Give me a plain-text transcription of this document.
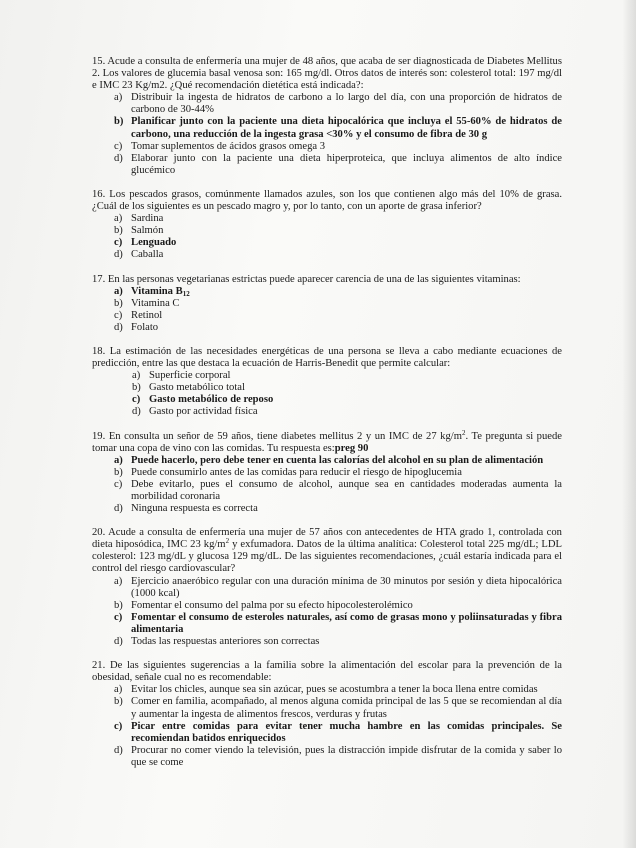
15. Acude a consulta de enfermería una mujer de 48 años, que acaba de ser diagnosticada de Diabetes Mellitus 2. Los valores de glucemia basal venosa son: 165 mg/dl. Otros datos de interés son: colesterol total: 197 mg/dl e IMC 23 Kg/m2. ¿Qué recomendación dietética está indicada?:

a) Distribuir la ingesta de hidratos de carbono a lo largo del día, con una proporción de hidratos de carbono de 30-44%
b) Planificar junto con la paciente una dieta hipocalórica que incluya el 55-60% de hidratos de carbono, una reducción de la ingesta grasa <30% y el consumo de fibra de 30 g
c) Tomar suplementos de ácidos grasos omega 3
d) Elaborar junto con la paciente una dieta hiperproteica, que incluya alimentos de alto índice glucémico

16. Los pescados grasos, comúnmente llamados azules, son los que contienen algo más del 10% de grasa. ¿Cuál de los siguientes es un pescado magro y, por lo tanto, con un aporte de grasa inferior?

a) Sardina
b) Salmón
c) Lenguado
d) Caballa

17. En las personas vegetarianas estrictas puede aparecer carencia de una de las siguientes vitaminas:

a) Vitamina $B_{12}$
b) Vitamina C
c) Retinol
d) Folato

18. La estimación de las necesidades energéticas de una persona se lleva a cabo mediante ecuaciones de predicción, entre las que destaca la ecuación de Harris-Benedit que permite calcular:

a) Superficie corporal
b) Gasto metabólico total
c) Gasto metabólico de reposo
d) Gasto por actividad física

19. En consulta un señor de 59 años, tiene diabetes mellitus 2 y un IMC de 27 $kg/m^2$. Te pregunta si puede tomar una copa de vino con las comidas. Tu respuesta es:preg 90

a) Puede hacerlo, pero debe tener en cuenta las calorías del alcohol en su plan de alimentación
b) Puede consumirlo antes de las comidas para reducir el riesgo de hipoglucemia
c) Debe evitarlo, pues el consumo de alcohol, aunque sea en cantidades moderadas aumenta la morbilidad coronaria
d) Ninguna respuesta es correcta

20. Acude a consulta de enfermería una mujer de 57 años con antecedentes de HTA grado 1, controlada con dieta hiposódica, IMC 23 $kg/m^2$ y exfumadora. Datos de la última analítica: Colesterol total 225 mg/dL; LDL colesterol: 123 mg/dL y glucosa 129 mg/dL. De las siguientes recomendaciones, ¿cuál estaría indicada para el control del riesgo cardiovascular?

a) Ejercicio anaeróbico regular con una duración mínima de 30 minutos por sesión y dieta hipocalórica (1000 kcal)
b) Fomentar el consumo del palma por su efecto hipocolesterolémico
c) Fomentar el consumo de esteroles naturales, así como de grasas mono y poliinsaturadas y fibra alimentaria
d) Todas las respuestas anteriores son correctas

21. De las siguientes sugerencias a la familia sobre la alimentación del escolar para la prevención de la obesidad, señale cual no es recomendable:

a) Evitar los chicles, aunque sea sin azúcar, pues se acostumbra a tener la boca llena entre comidas
b) Comer en familia, acompañado, al menos alguna comida principal de las 5 que se recomiendan al día y aumentar la ingesta de alimentos frescos, verduras y frutas
c) Picar entre comidas para evitar tener mucha hambre en las comidas principales. Se recomiendan batidos enriquecidos
d) Procurar no comer viendo la televisión, pues la distracción impide disfrutar de la comida y saber lo que se come
